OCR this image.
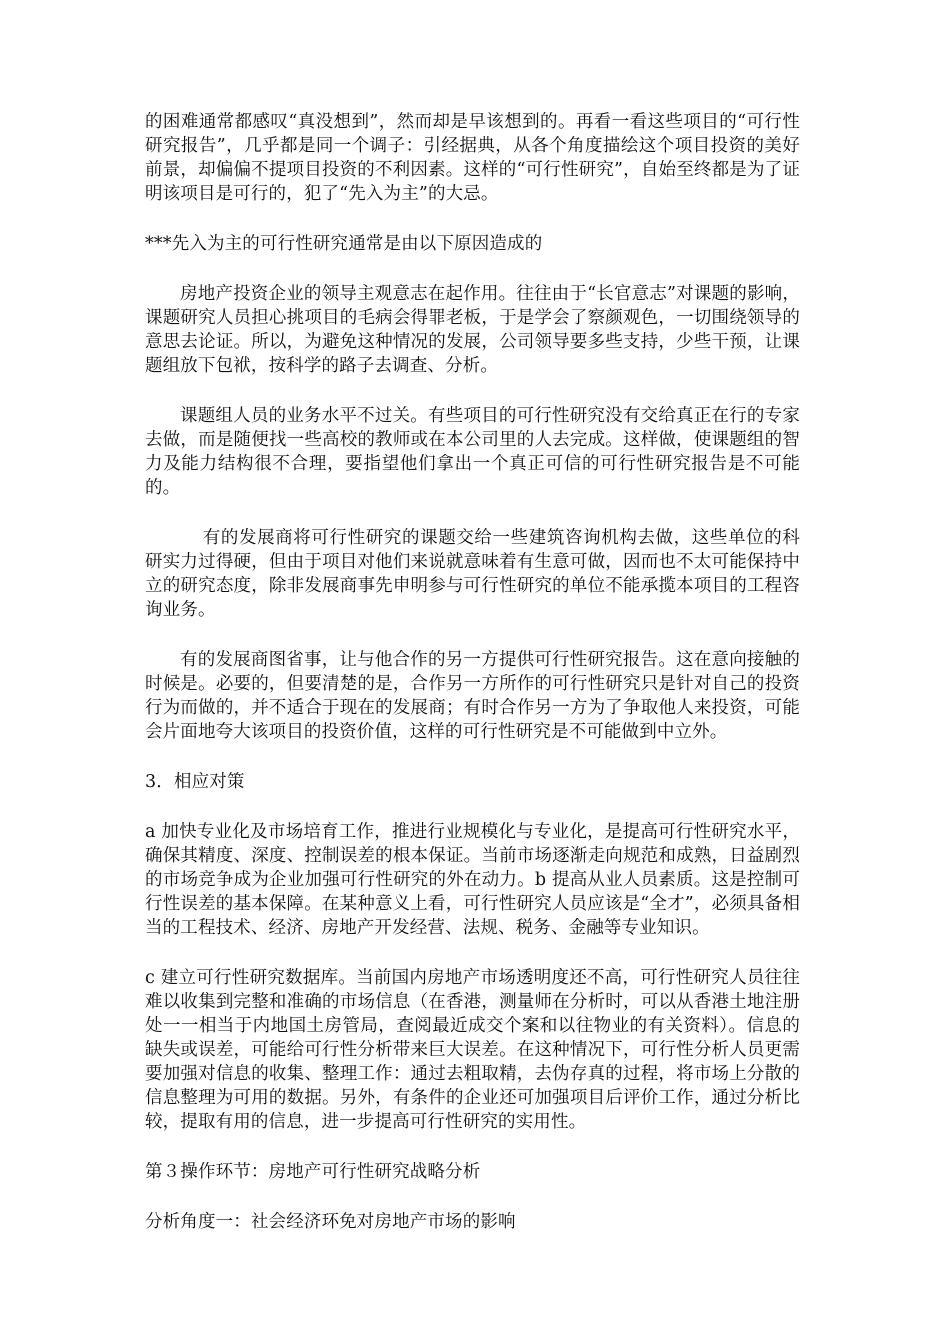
的困难通常都感叹“真没想到”，然而却是早该想到的。再看一看这些项目的“可行性研究报告”，几乎都是同一个调子：引经据典，从各个角度描绘这个项目投资的美好前景，却偏偏不提项目投资的不利因素。这样的“可行性研究”，自始至终都是为了证明该项目是可行的，犯了“先入为主”的大忌。

***先入为主的可行性研究通常是由以下原因造成的

房地产投资企业的领导主观意志在起作用。往往由于“长官意志”对课题的影响，课题研究人员担心挑项目的毛病会得罪老板，于是学会了察颜观色，一切围绕领导的意思去论证。所以，为避免这种情况的发展，公司领导要多些支持，少些干预，让课题组放下包袱，按科学的路子去调查、分析。

课题组人员的业务水平不过关。有些项目的可行性研究没有交给真正在行的专家去做，而是随便找一些高校的教师或在本公司里的人去完成。这样做，使课题组的智力及能力结构很不合理，要指望他们拿出一个真正可信的可行性研究报告是不可能的。

有的发展商将可行性研究的课题交给一些建筑咨询机构去做，这些单位的科研实力过得硬，但由于项目对他们来说就意味着有生意可做，因而也不太可能保持中立的研究态度，除非发展商事先申明参与可行性研究的单位不能承揽本项目的工程咨询业务。

有的发展商图省事，让与他合作的另一方提供可行性研究报告。这在意向接触的时候是。必要的，但要清楚的是，合作另一方所作的可行性研究只是针对自己的投资行为而做的，并不适合于现在的发展商；有时合作另一方为了争取他人来投资，可能会片面地夸大该项目的投资价值，这样的可行性研究是不可能做到中立外。

3．相应对策

a 加快专业化及市场培育工作，推进行业规模化与专业化，是提高可行性研究水平，确保其精度、深度、控制误差的根本保证。当前市场逐渐走向规范和成熟，日益剧烈的市场竞争成为企业加强可行性研究的外在动力。b 提高从业人员素质。这是控制可行性误差的基本保障。在某种意义上看，可行性研究人员应该是“全才”，必须具备相当的工程技术、经济、房地产开发经营、法规、税务、金融等专业知识。

c 建立可行性研究数据库。当前国内房地产市场透明度还不高，可行性研究人员往往难以收集到完整和准确的市场信息（在香港，测量师在分析时，可以从香港土地注册处一一相当于内地国土房管局，查阅最近成交个案和以往物业的有关资料）。信息的缺失或误差，可能给可行性分析带来巨大误差。在这种情况下，可行性分析人员更需要加强对信息的收集、整理工作：通过去粗取精，去伪存真的过程，将市场上分散的信息整理为可用的数据。另外，有条件的企业还可加强项目后评价工作，通过分析比较，提取有用的信息，进一步提高可行性研究的实用性。

第３操作环节：房地产可行性研究战略分析

分析角度一：社会经济环免对房地产市场的影响
